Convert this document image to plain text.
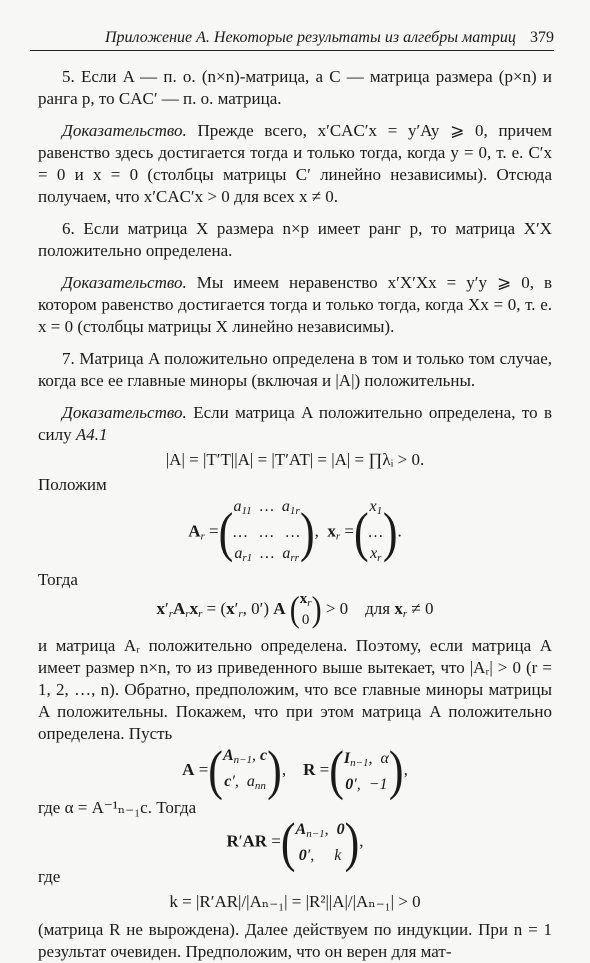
Приложение А. Некоторые результаты из алгебры матриц 379

5. Если A — п. о. (n×n)-матрица, а C — матрица размера (p×n) и ранга p, то CAC′ — п. о. матрица.

Доказательство. Прежде всего, x′CAC′x = y′Ay ⩾ 0, причем равенство здесь достигается тогда и только тогда, когда y = 0, т. е. C′x = 0 и x = 0 (столбцы матрицы C′ линейно независимы). Отсюда получаем, что x′CAC′x > 0 для всех x ≠ 0.

6. Если матрица X размера n×p имеет ранг p, то матрица X′X положительно определена.

Доказательство. Мы имеем неравенство x′X′Xx = y′y ⩾ 0, в котором равенство достигается тогда и только тогда, когда Xx = 0, т. е. x = 0 (столбцы матрицы X линейно независимы).

7. Матрица A положительно определена в том и только том случае, когда все ее главные миноры (включая и |A|) положительны.

Доказательство. Если матрица A положительно определена, то в силу A4.1

|A| = |T′T||A| = |T′AT| = |A| = ∏λᵢ > 0.

Положим

$A_r =(a_{11}$  …  $a_{1r}$
…   …   …
$a_{r1}$  …  $a_{rr}$),  $x_r =(x_1$
…
$x_r$).

Тогда

$x'_rA_rx_r = (x'_r$, 0′) A ($x_r$
0) > 0    для $x_r \ne 0$

и матрица Aᵣ положительно определена. Поэтому, если матрица A имеет размер n×n, то из приведенного выше вытекает, что |Aᵣ| > 0 (r = 1, 2, …, n). Обратно, предположим, что все главные миноры матрицы A положительны. Покажем, что при этом матрица A положительно определена. Пусть

$A =(A_{n-1}$, c
c′,  $a_{nn}$),    $R =(I_{n-1}$,  α
0′,  −1),

где α = A⁻¹ₙ₋₁c. Тогда

$R'AR =(A_{n-1}$,  0
0′,     k),

где

k = |R′AR|/|Aₙ₋₁| = |R²||A|/|Aₙ₋₁| > 0

(матрица R не вырождена). Далее действуем по индукции. При n = 1 результат очевиден. Предположим, что он верен для мат-
